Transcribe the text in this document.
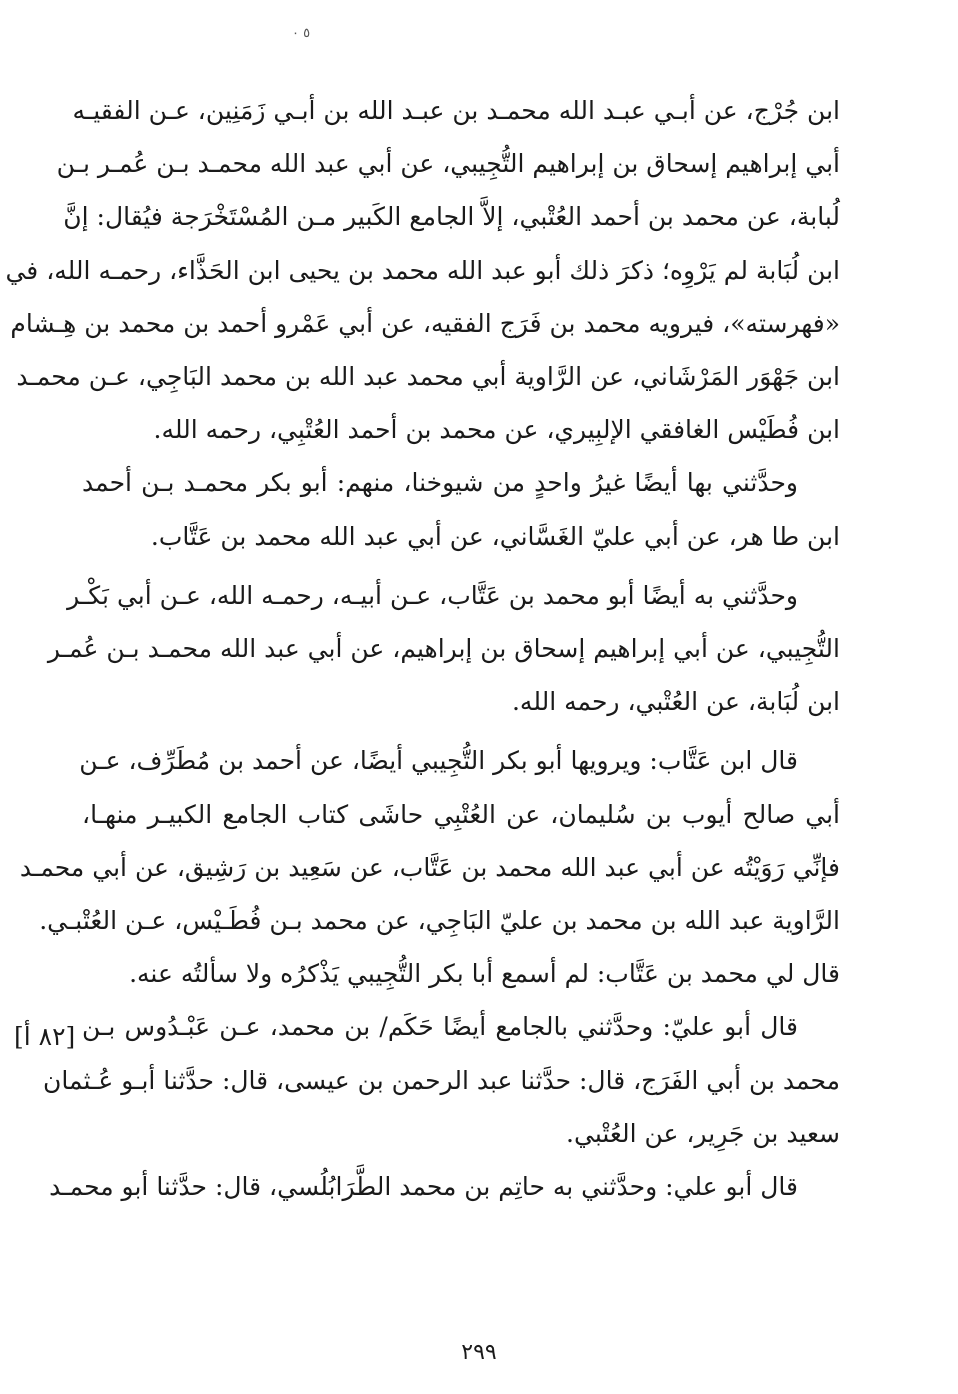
٥ ٠
[٨٢ أ]

ابن جُرْج، عن أبـي عبـد الله محمـد بن عبـد الله بن أبـي زَمَنِين، عـن الفقيـه
أبي إبراهيم إسحاق بن إبراهيم التُّجِيبي، عن أبي عبد الله محمـد بـن عُمـر بـن
لُبابة، عن محمد بن أحمد العُتْبي، إلاَّ الجامع الكَبير مـن المُسْتَخْرَجة فيُقال: إنَّ
ابن لُبَابة لم يَرْوِه؛ ذكرَ ذلك أبو عبد الله محمد بن يحيى ابن الحَذَّاء، رحمـه الله، في
«فهرسته»، فيرويه محمد بن فَرَج الفقيه، عن أبي عَمْرو أحمد بن محمد بن هِـشام
ابن جَهْوَر المَرْشَاني، عن الرَّاوية أبي محمد عبد الله بن محمد البَاجِي، عـن محمـد
ابن فُطَيْس الغافقي الإلبِيري، عن محمد بن أحمد العُتْبِي، رحمه الله.

وحدَّثني بها أيضًا غيرُ واحدٍ من شيوخنا، منهم: أبو بكر محمـد بـن أحمد
ابن طا هر، عن أبي عليّ الغَسَّاني، عن أبي عبد الله محمد بن عَتَّاب.

وحدَّثني به أيضًا أبو محمد بن عَتَّاب، عـن أبيـه، رحمـه الله، عـن أبي بَكْـر
التُّجِيبي، عن أبي إبراهيم إسحاق بن إبراهيم، عن أبي عبد الله محمـد بـن عُمـر
ابن لُبَابة، عن العُتْبي، رحمه الله.

قال ابن عَتَّاب: ويرويها أبو بكر التُّجِيبي أيضًا، عن أحمد بن مُطَرِّف، عـن
أبي صالح أيوب بن سُليمان، عن العُتْبِي حاشَى كتاب الجامع الكبيـر منهـا،
فإنِّي رَوَيْتُه عن أبي عبد الله محمد بن عَتَّاب، عن سَعِيد بن رَشِيق، عن أبي محمـد
الرَّاوية عبد الله بن محمد بن عليّ البَاجِي، عن محمد بـن فُطَـيْس، عـن العُتْبـي.
قال لي محمد بن عَتَّاب: لم أسمع أبا بكر التُّجِيبي يَذْكرُه ولا سألتُه عنه.

قال أبو عليّ: وحدَّثني بالجامع أيضًا حَكَم/ بن محمد، عـن عَبْـدُوس بـن
محمد بن أبي الفَرَج، قال: حدَّثنا عبد الرحمن بن عيسى، قال: حدَّثنا أبـو عُـثمان
سعيد بن جَرِير، عن العُتْبي.

قال أبو علي: وحدَّثني به حاتِم بن محمد الطَّرَابُلُسي، قال: حدَّثنا أبو محمـد

٢٩٩
